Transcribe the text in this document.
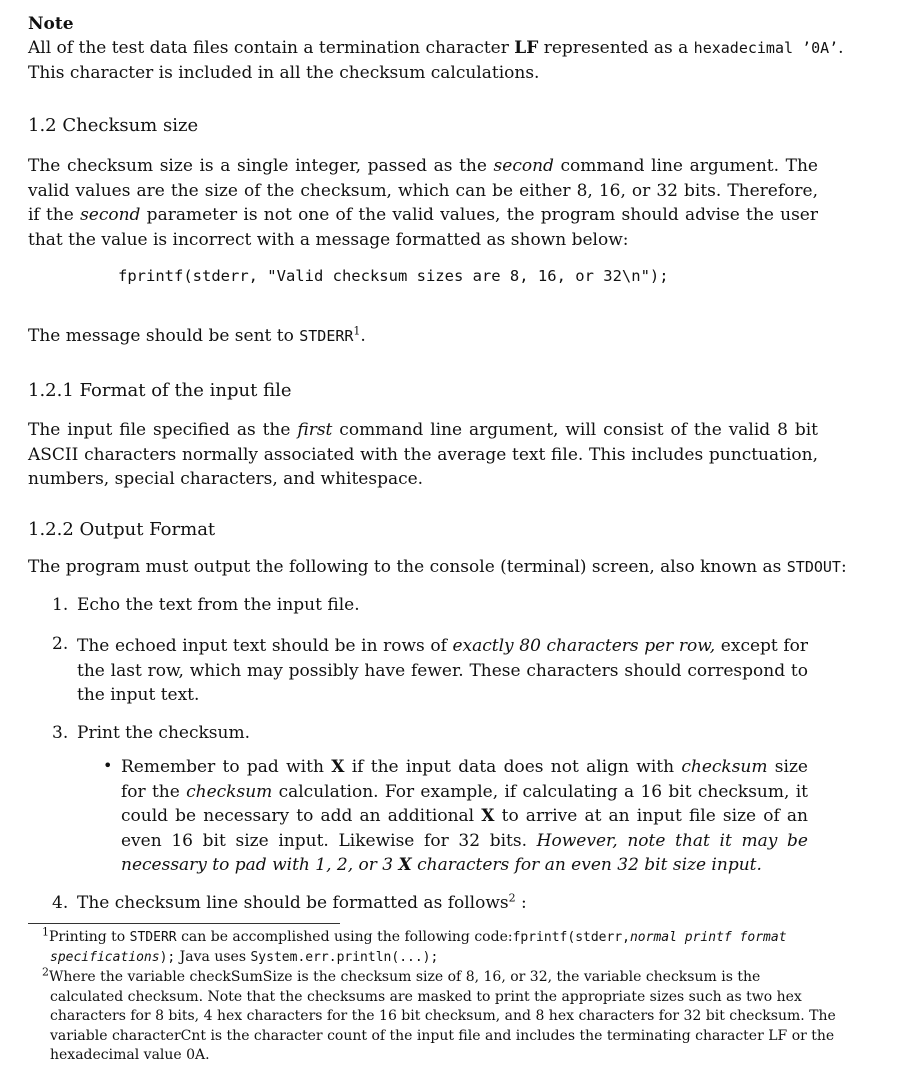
Note
All of the test data files contain a termination character LF represented as a hexadecimal ’0A’.
This character is included in all the checksum calculations.
1.2 Checksum size
The checksum size is a single integer, passed as the second command line argument. The valid values are the size of the checksum, which can be either 8, 16, or 32 bits. Therefore, if the second parameter is not one of the valid values, the program should advise the user that the value is incorrect with a message formatted as shown below:
fprintf(stderr, "Valid checksum sizes are 8, 16, or 32\n");
The message should be sent to STDERR$^1$.
1.2.1 Format of the input file
The input file specified as the first command line argument, will consist of the valid 8 bit ASCII characters normally associated with the average text file. This includes punctuation, numbers, special characters, and whitespace.
1.2.2 Output Format
The program must output the following to the console (terminal) screen, also known as STDOUT:
1. Echo the text from the input file.
2. The echoed input text should be in rows of exactly 80 characters per row, except for the last row, which may possibly have fewer. These characters should correspond to the input text.
3. Print the checksum.
• Remember to pad with X if the input data does not align with checksum size for the checksum calculation. For example, if calculating a 16 bit checksum, it could be necessary to add an additional X to arrive at an input file size of an even 16 bit size input. Likewise for 32 bits. However, note that it may be necessary to pad with 1, 2, or 3 X characters for an even 32 bit size input.
4. The checksum line should be formatted as follows$^2$ :
$^1$Printing to STDERR can be accomplished using the following code:fprintf(stderr,normal printf format specifications); Java uses System.err.println(...);
$^2$Where the variable checkSumSize is the checksum size of 8, 16, or 32, the variable checksum is the calculated checksum. Note that the checksums are masked to print the appropriate sizes such as two hex characters for 8 bits, 4 hex characters for the 16 bit checksum, and 8 hex characters for 32 bit checksum. The variable characterCnt is the character count of the input file and includes the terminating character LF or the hexadecimal value 0A.
